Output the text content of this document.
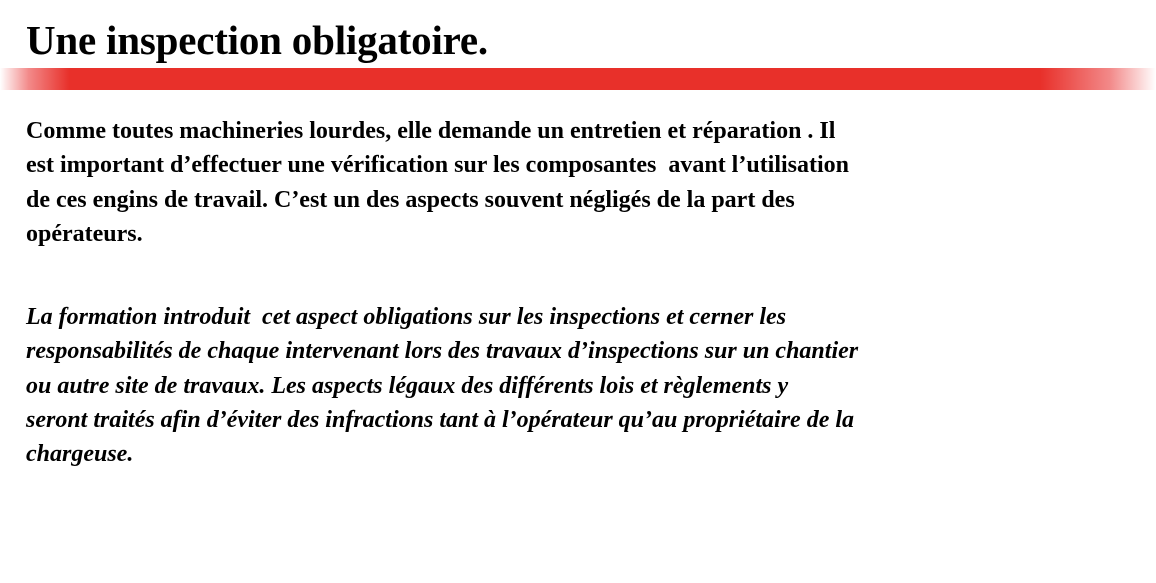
Une inspection obligatoire.

Comme toutes machineries lourdes, elle demande un entretien et réparation . Il
est important d’effectuer une vérification sur les composantes  avant l’utilisation
de ces engins de travail. C’est un des aspects souvent négligés de la part des
opérateurs.

La formation introduit  cet aspect obligations sur les inspections et cerner les
responsabilités de chaque intervenant lors des travaux d’inspections sur un chantier
ou autre site de travaux. Les aspects légaux des différents lois et règlements y
seront traités afin d’éviter des infractions tant à l’opérateur qu’au propriétaire de la
chargeuse.
